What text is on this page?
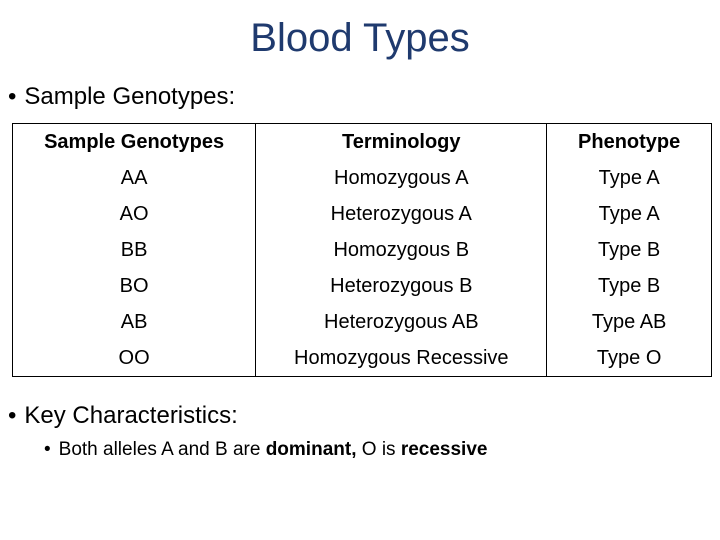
Blood Types
• Sample Genotypes:
Sample Genotypes	Terminology	Phenotype
AA	Homozygous A	Type A
AO	Heterozygous A	Type A
BB	Homozygous B	Type B
BO	Heterozygous B	Type B
AB	Heterozygous AB	Type AB
OO	Homozygous Recessive	Type O
• Key Characteristics:
• Both alleles A and B are dominant, O is recessive
